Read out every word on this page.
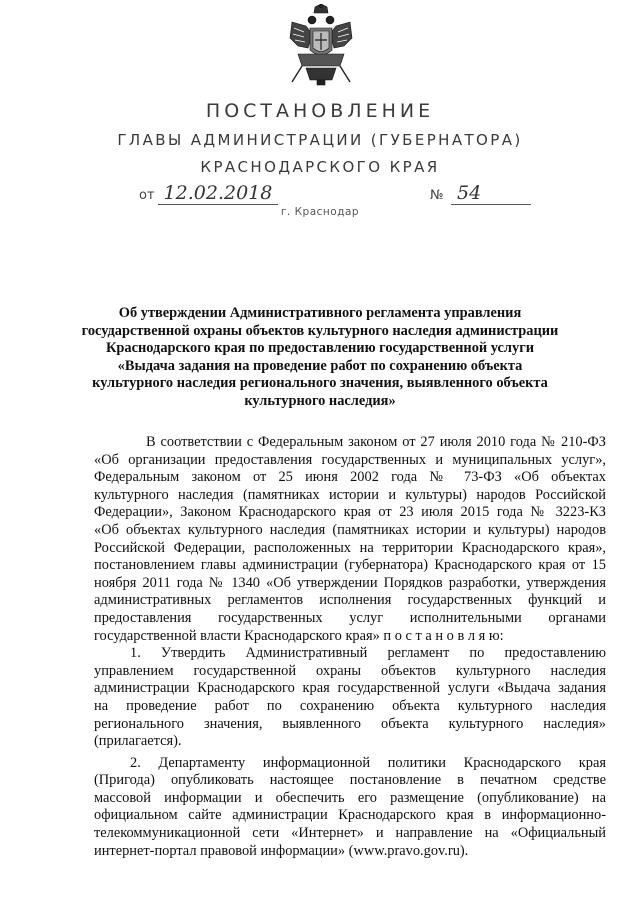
ПОСТАНОВЛЕНИЕ
ГЛАВЫ АДМИНИСТРАЦИИ (ГУБЕРНАТОРА)
КРАСНОДАРСКОГО КРАЯ
от 12.02.2018	№ 54
г. Краснодар
Об утверждении Административного регламента управления
государственной охраны объектов культурного наследия администрации
Краснодарского края по предоставлению государственной услуги
«Выдача задания на проведение работ по сохранению объекта
культурного наследия регионального значения, выявленного объекта
культурного наследия»
В соответствии с Федеральным законом от 27 июля 2010 года № 210-ФЗ
«Об организации предоставления государственных и муниципальных услуг»,
Федеральным законом от 25 июня 2002 года № 73-ФЗ «Об объектах
культурного наследия (памятниках истории и культуры) народов Российской
Федерации», Законом Краснодарского края от 23 июля 2015 года № 3223-КЗ
«Об объектах культурного наследия (памятниках истории и культуры) народов
Российской Федерации, расположенных на территории Краснодарского края»,
постановлением главы администрации (губернатора) Краснодарского края от 15
ноября 2011 года № 1340 «Об утверждении Порядков разработки, утверждения
административных регламентов исполнения государственных функций и
предоставления государственных услуг исполнительными органами
государственной власти Краснодарского края» п о с т а н о в л я ю:
1. Утвердить Административный регламент по предоставлению
управлением государственной охраны объектов культурного наследия
администрации Краснодарского края государственной услуги «Выдача задания
на проведение работ по сохранению объекта культурного наследия
регионального значения, выявленного объекта культурного наследия»
(прилагается).
2. Департаменту информационной политики Краснодарского края
(Пригода) опубликовать настоящее постановление в печатном средстве
массовой информации и обеспечить его размещение (опубликование) на
официальном сайте администрации Краснодарского края в информационно-
телекоммуникационной сети «Интернет» и направление на «Официальный
интернет-портал правовой информации» (www.pravo.gov.ru).
